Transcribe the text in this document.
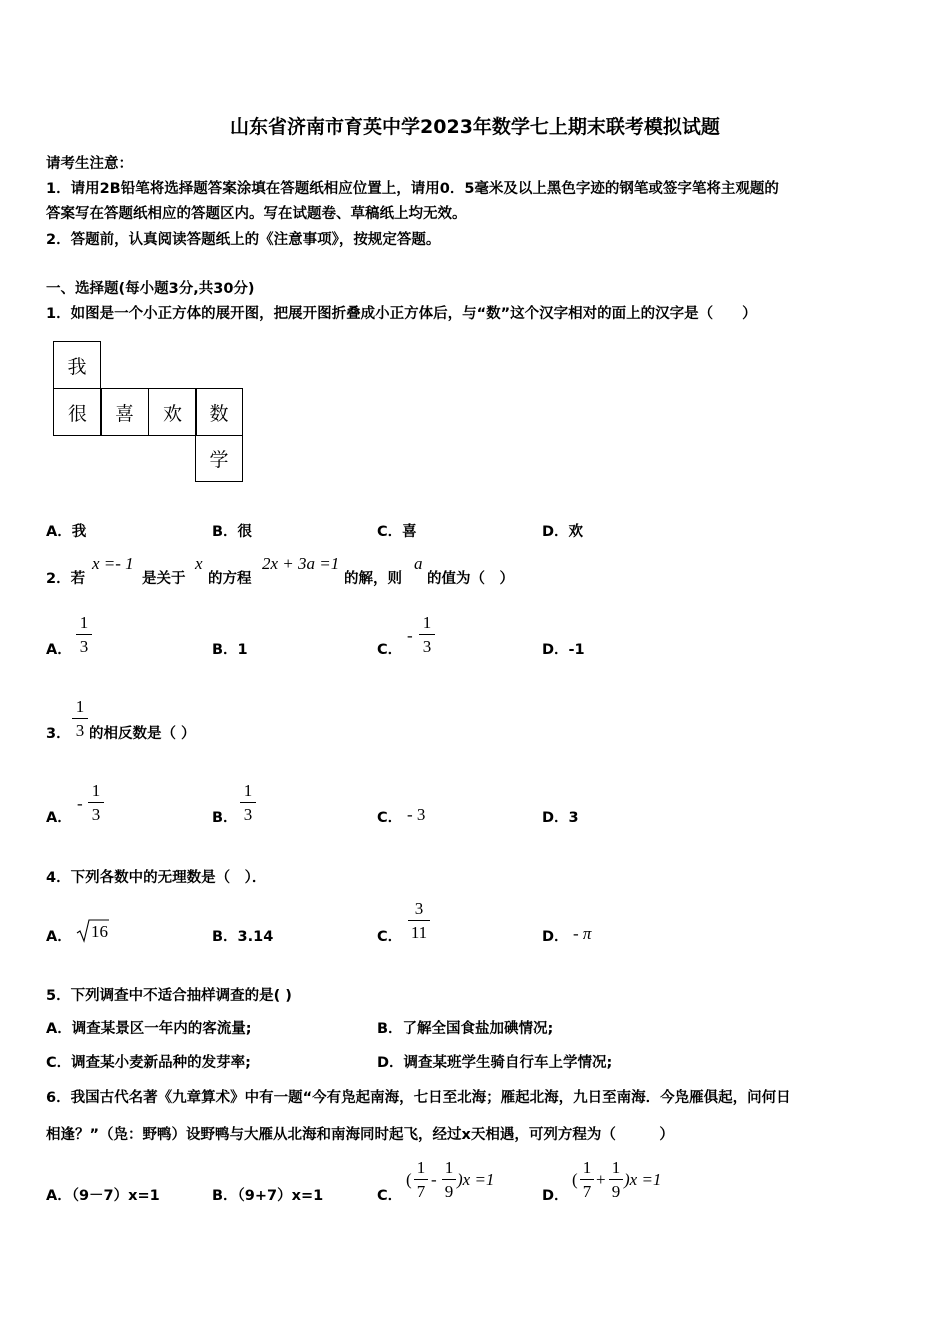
山东省济南市育英中学2023年数学七上期末联考模拟试题
请考生注意：
1．请用2B铅笔将选择题答案涂填在答题纸相应位置上，请用0．5毫米及以上黑色字迹的钢笔或签字笔将主观题的
答案写在答题纸相应的答题区内。写在试题卷、草稿纸上均无效。
2．答题前，认真阅读答题纸上的《注意事项》，按规定答题。
一、选择题(每小题3分,共30分)
1．如图是一个小正方体的展开图，把展开图折叠成小正方体后，与“数”这个汉字相对的面上的汉字是（　　）
我
很	喜	欢	数
学
A．我	B．很	C．喜	D．欢
2．若
x =- 1
是关于
x
的方程
2x + 3a =1
的解，则
a
的值为（　）
A．
1
3	B．1	C．
-
1
3	D．-1
3．
1
3 的相反数是（ ）
A．
-
1
3	B．
1
3	C． - 3	D．3
4．下列各数中的无理数是（　）．
A． 16	B．3.14	C．
3
11	D． - π
5．下列调查中不适合抽样调查的是( )
A．调查某景区一年内的客流量;	B．了解全国食盐加碘情况;
C．调查某小麦新品种的发芽率;	D．调查某班学生骑自行车上学情况;
6．我国古代名著《九章算术》中有一题“今有凫起南海，七日至北海；雁起北海，九日至南海．今凫雁俱起，问何日
相逢？”（凫：野鸭）设野鸭与大雁从北海和南海同时起飞，经过x天相遇，可列方程为（　　　）
A．（9－7）x=1	B．（9+7）x=1	C．
(
1
7
-
1
9
)x =1
D．
(
1
7
+
1
9
)x =1
